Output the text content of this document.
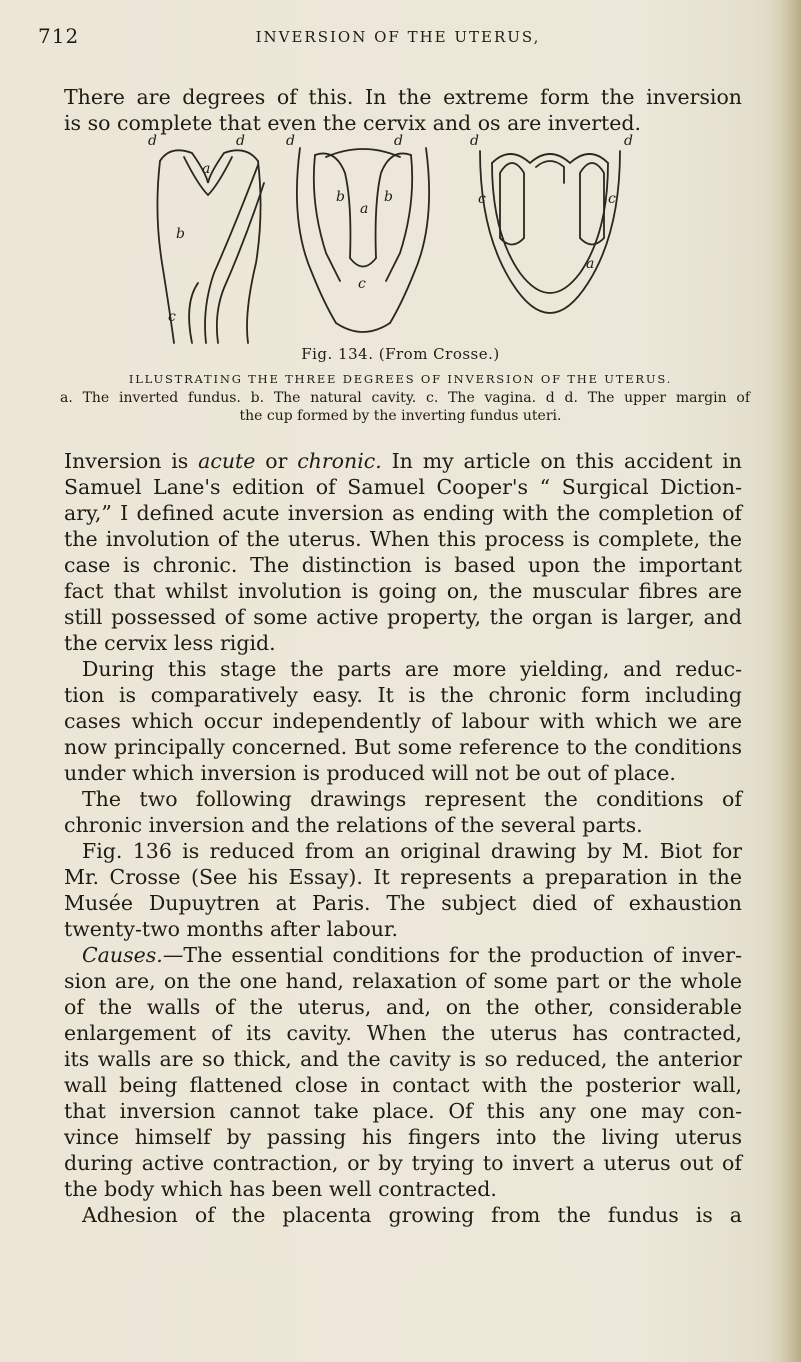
712	INVERSION OF THE UTERUS,

There are degrees of this. In the extreme form the inversion

is so complete that even the cervix and os are inverted.

d	d
a
b
c
d	d
b
a
b
c
d	d
c	c
a
Fig. 134. (From Crosse.)
ILLUSTRATING THE THREE DEGREES OF INVERSION OF THE UTERUS.
a. The inverted fundus. b. The natural cavity. c. The vagina. d d. The upper margin of
the cup formed by the inverting fundus uteri.

Inversion is acute or chronic. In my article on this accident in

Samuel Lane's edition of Samuel Cooper's “ Surgical Diction-

ary,” I defined acute inversion as ending with the completion of

the involution of the uterus. When this process is complete, the

case is chronic. The distinction is based upon the important

fact that whilst involution is going on, the muscular fibres are

still possessed of some active property, the organ is larger, and

the cervix less rigid.

During this stage the parts are more yielding, and reduc-

tion is comparatively easy. It is the chronic form including

cases which occur independently of labour with which we are

now principally concerned. But some reference to the conditions

under which inversion is produced will not be out of place.

The two following drawings represent the conditions of

chronic inversion and the relations of the several parts.

Fig. 136 is reduced from an original drawing by M. Biot for

Mr. Crosse (See his Essay). It represents a preparation in the

Musée Dupuytren at Paris. The subject died of exhaustion

twenty-two months after labour.

Causes.—The essential conditions for the production of inver-

sion are, on the one hand, relaxation of some part or the whole

of the walls of the uterus, and, on the other, considerable

enlargement of its cavity. When the uterus has contracted,

its walls are so thick, and the cavity is so reduced, the anterior

wall being flattened close in contact with the posterior wall,

that inversion cannot take place. Of this any one may con-

vince himself by passing his fingers into the living uterus

during active contraction, or by trying to invert a uterus out of

the body which has been well contracted.

Adhesion of the placenta growing from the fundus is a
